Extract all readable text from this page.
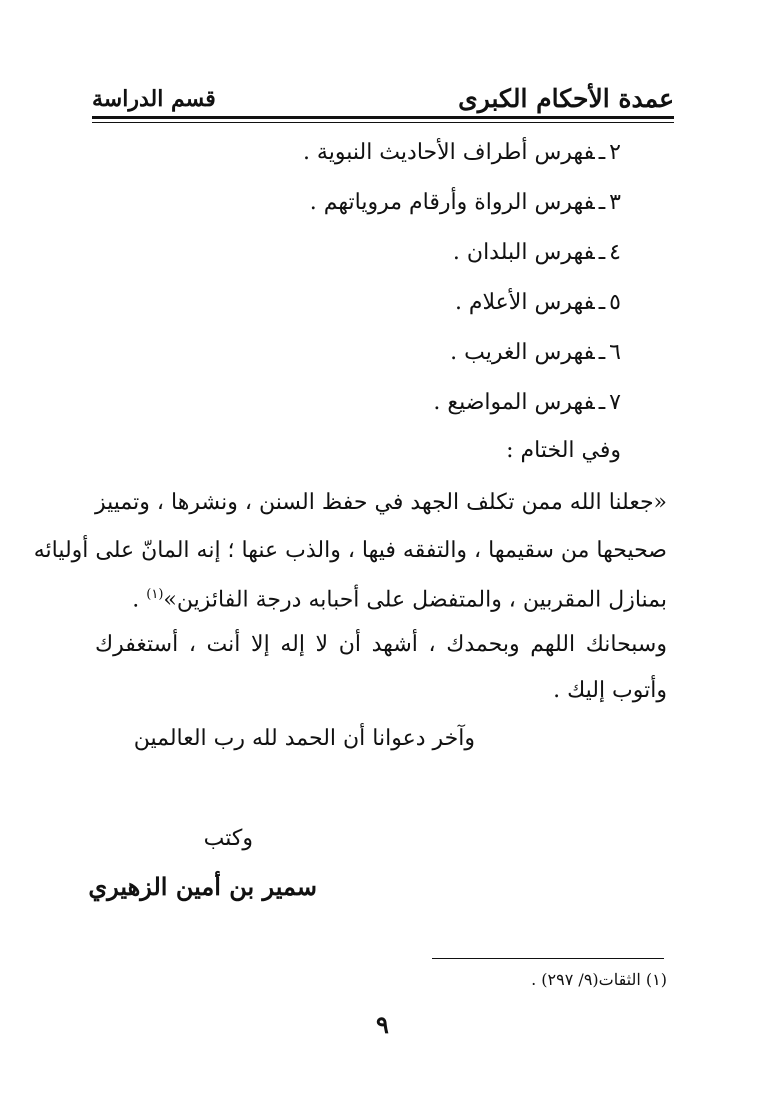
عمدة الأحكام الكبرى
قسم الدراسة
٢ـفهرس أطراف الأحاديث النبوية .
٣ـفهرس الرواة وأرقام مروياتهم .
٤ـفهرس البلدان .
٥ـفهرس الأعلام .
٦ـفهرس الغريب .
٧ـفهرس المواضيع .
وفي الختام :
«جعلنا الله ممن تكلف الجهد في حفظ السنن ، ونشرها ، وتمييز
صحيحها من سقيمها ، والتفقه فيها ، والذب عنها ؛ إنه المانّ على أوليائه
بمنازل المقربين ، والمتفضل على أحبابه درجة الفائزين»$^{(١)}$ .
وسبحانك اللهم وبحمدك ، أشهد أن لا إله إلا أنت ، أستغفرك
وأتوب إليك .
وآخر دعوانا أن الحمد لله رب العالمين
وكتب
سمير بن أمين الزهيري
(١) الثقات(٩/ ٢٩٧) .
٩
